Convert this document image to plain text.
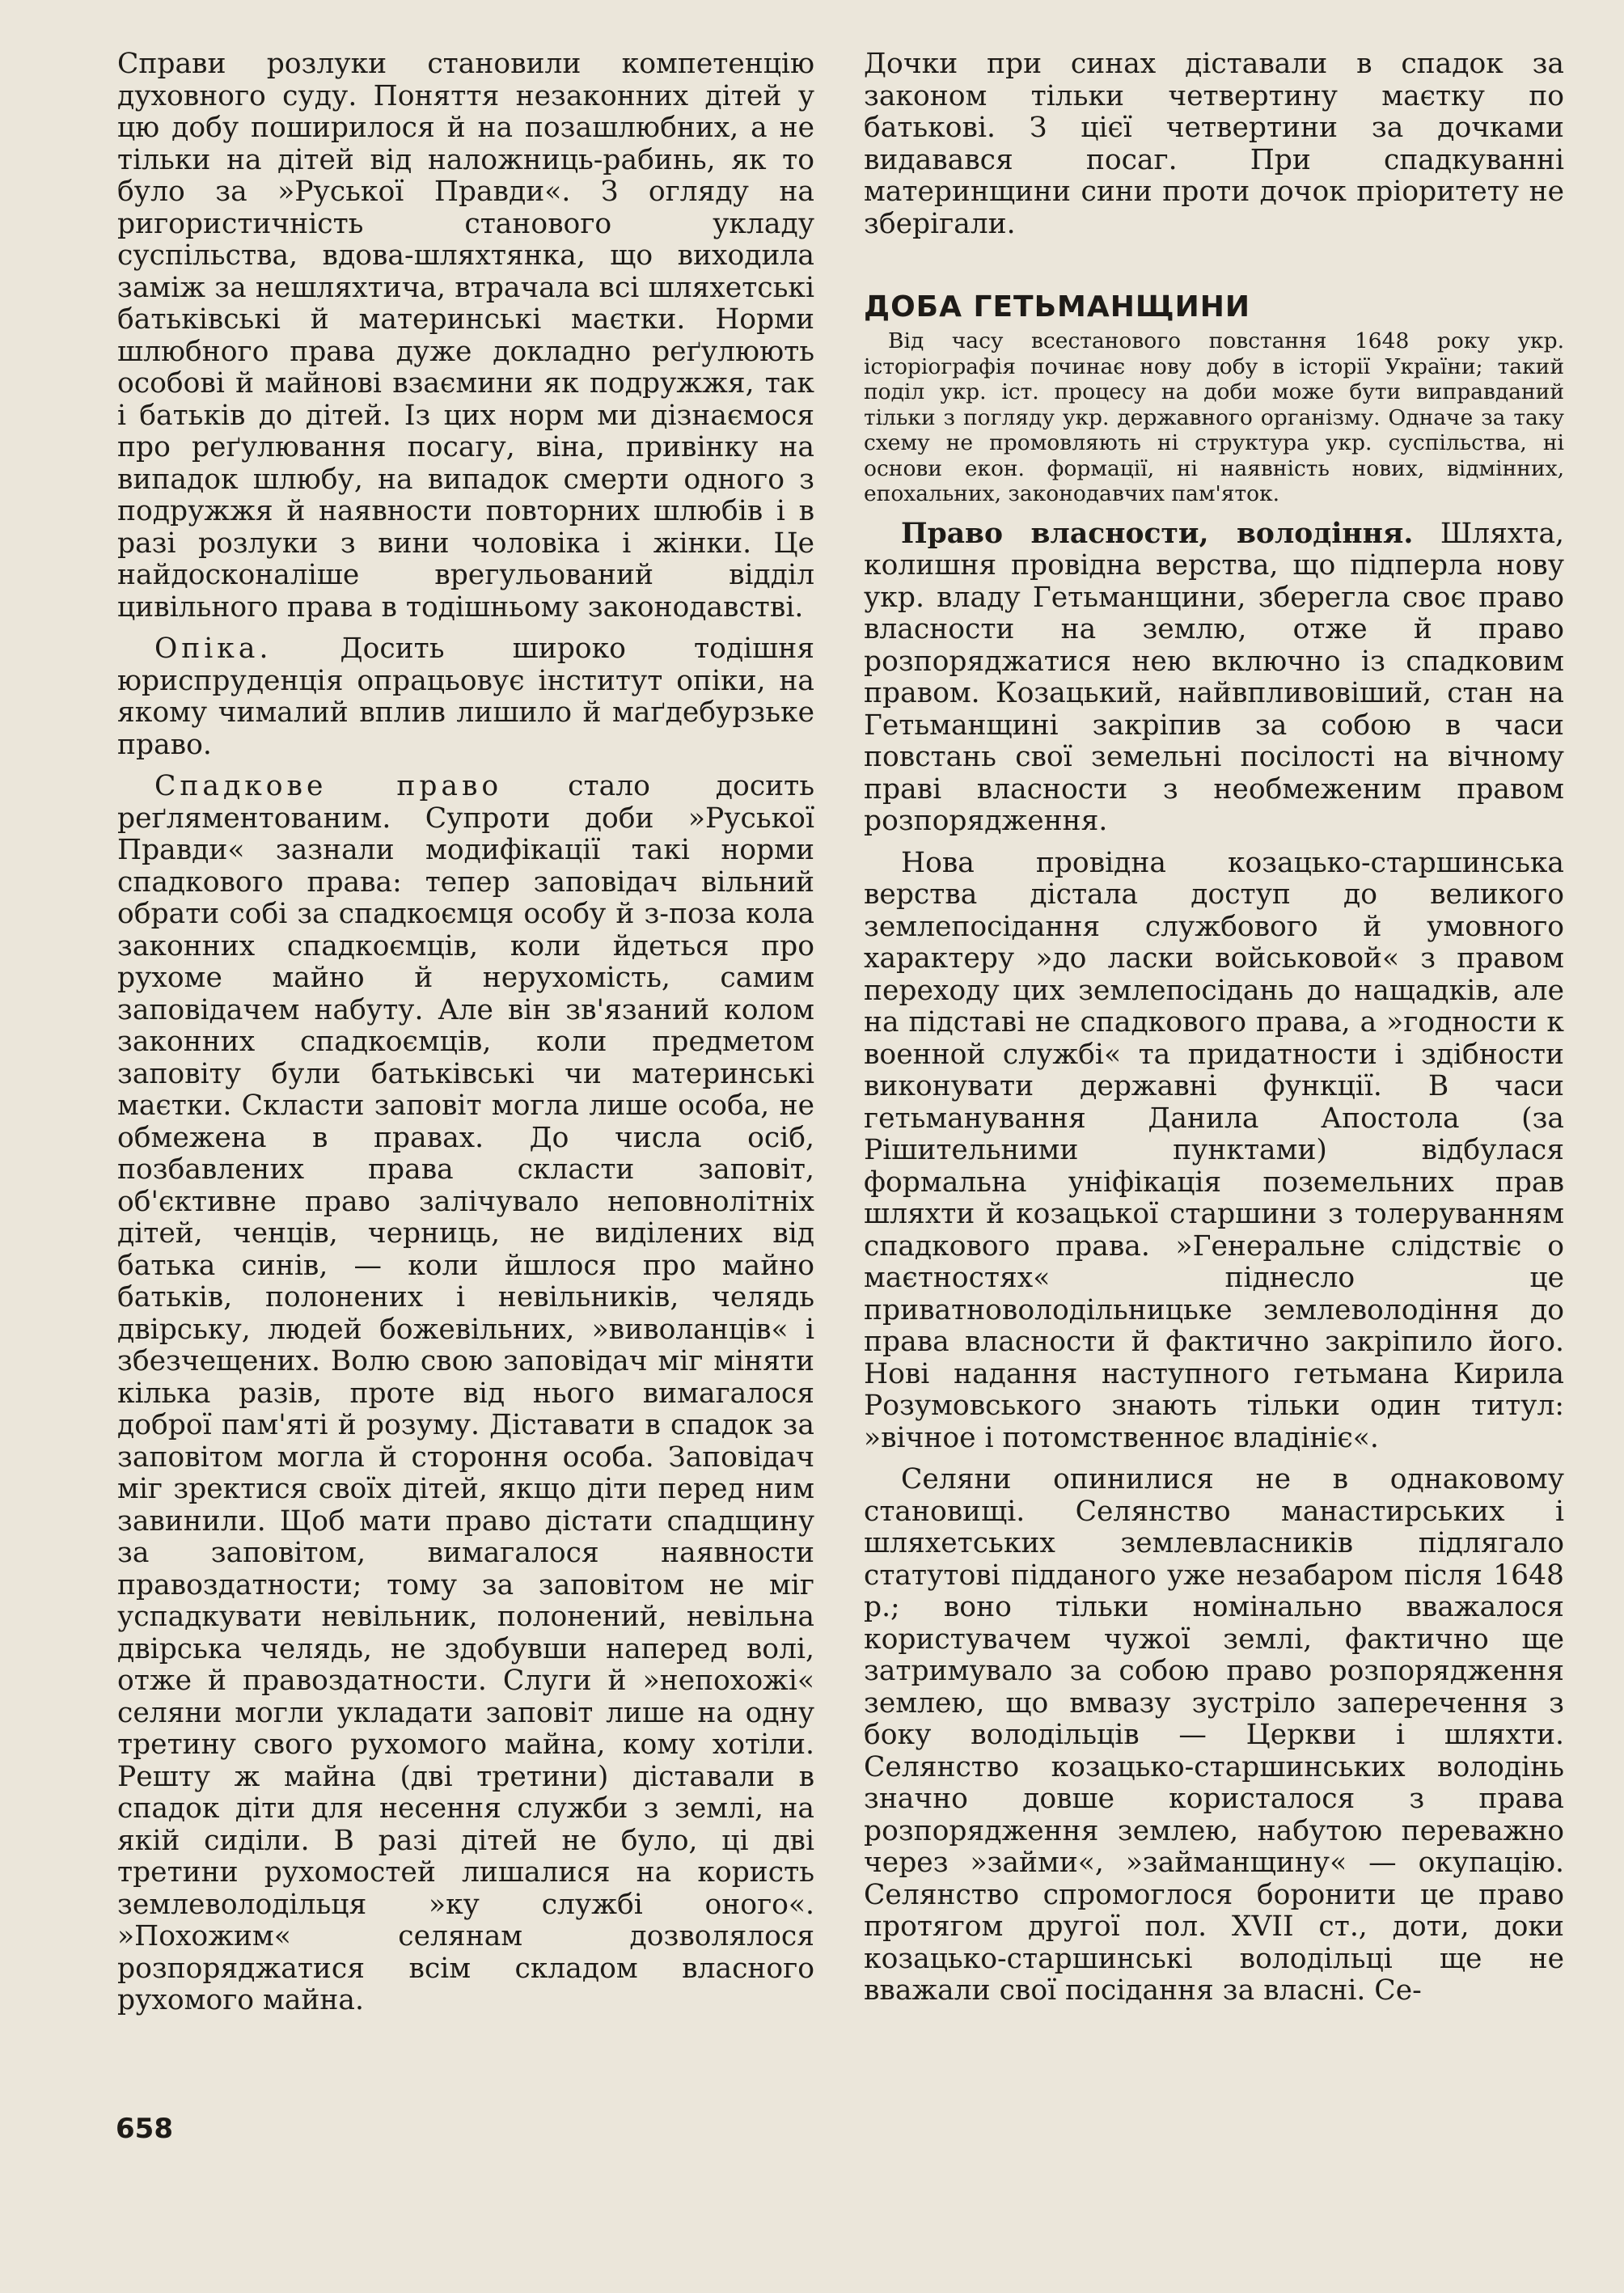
Справи розлуки становили компетенцію духовного суду. Поняття незаконних дітей у цю добу поширилося й на позашлюбних, а не тільки на дітей від наложниць-рабинь, як то було за »Руської Правди«. З огляду на ригористичність станового укладу суспільства, вдова-шляхтянка, що виходила заміж за нешляхтича, втрачала всі шляхетські батьківські й материнські маєтки. Норми шлюбного права дуже докладно реґулюють особові й майнові взаємини як подружжя, так і батьків до дітей. Із цих норм ми дізнаємося про реґулювання посагу, віна, привінку на випадок шлюбу, на випадок смерти одного з подружжя й наявности повторних шлюбів і в разі розлуки з вини чоловіка і жінки. Це найдосконаліше врегульований відділ цивільного права в тодішньому законодавстві.

Опіка. Досить широко тодішня юриспруденція опрацьовує інститут опіки, на якому чималий вплив лишило й маґдебурзьке право.

Спадкове право стало досить реґляментованим. Супроти доби »Руської Правди« зазнали модифікації такі норми спадкового права: тепер заповідач вільний обрати собі за спадкоємця особу й з-поза кола законних спадкоємців, коли йдеться про рухоме майно й нерухомість, самим заповідачем набуту. Але він зв'язаний колом законних спадкоємців, коли предметом заповіту були батьківські чи материнські маєтки. Скласти заповіт могла лише особа, не обмежена в правах. До числа осіб, позбавлених права скласти заповіт, об'єктивне право залічувало неповнолітніх дітей, ченців, черниць, не виділених від батька синів, — коли йшлося про майно батьків, полонених і невільників, челядь двірську, людей божевільних, »виволанців« і збезчещених. Волю свою заповідач міг міняти кілька разів, проте від нього вимагалося доброї пам'яті й розуму. Діставати в спадок за заповітом могла й стороння особа. Заповідач міг зректися своїх дітей, якщо діти перед ним завинили. Щоб мати право дістати спадщину за заповітом, вимагалося наявности правоздатности; тому за заповітом не міг успадкувати невільник, полонений, невільна двірська челядь, не здобувши наперед волі, отже й правоздатности. Слуги й »непохожі« селяни могли укладати заповіт лише на одну третину свого рухомого майна, кому хотіли. Решту ж майна (дві третини) діставали в спадок діти для несення служби з землі, на якій сиділи. В разі дітей не було, ці дві третини рухомостей лишалися на користь землеволодільця »ку службі оного«. »Похожим« селянам дозволялося розпоряджатися всім складом власного рухомого майна.

Дочки при синах діставали в спадок за законом тільки четвертину маєтку по батькові. З цієї четвертини за дочками видавався посаг. При спадкуванні материнщини сини проти дочок пріоритету не зберігали.

ДОБА ГЕТЬМАНЩИНИ

Від часу всестанового повстання 1648 року укр. історіографія починає нову добу в історії України; такий поділ укр. іст. процесу на доби може бути виправданий тільки з погляду укр. державного організму. Одначе за таку схему не промовляють ні структура укр. суспільства, ні основи екон. формації, ні наявність нових, відмінних, епохальних, законодавчих пам'яток.

Право власности, володіння. Шляхта, колишня провідна верства, що підперла нову укр. владу Гетьманщини, зберегла своє право власности на землю, отже й право розпоряджатися нею включно із спадковим правом. Козацький, найвпливовіший, стан на Гетьманщині закріпив за собою в часи повстань свої земельні посілості на вічному праві власности з необмеженим правом розпорядження.

Нова провідна козацько-старшинська верства дістала доступ до великого землепосідання службового й умовного характеру »до ласки войськовой« з правом переходу цих землепосідань до нащадків, але на підставі не спадкового права, а »годности к военной службі« та придатности і здібности виконувати державні функції. В часи гетьманування Данила Апостола (за Рішительними пунктами) відбулася формальна уніфікація поземельних прав шляхти й козацької старшини з толеруванням спадкового права. »Генеральне слідствіє о маєтностях« піднесло це приватноволодільницьке землеволодіння до права власности й фактично закріпило його. Нові надання наступного гетьмана Кирила Розумовського знають тільки один титул: »вічное і потомственноє владініє«.

Селяни опинилися не в однаковому становищі. Селянство манастирських і шляхетських землевласників підлягало статутові підданого уже незабаром після 1648 р.; воно тільки номінально вважалося користувачем чужої землі, фактично ще затримувало за собою право розпорядження землею, що вмвазу зустріло заперечення з боку володільців — Церкви і шляхти. Селянство козацько-старшинських володінь значно довше користалося з права розпорядження землею, набутою переважно через »займи«, »займанщину« — окупацію. Селянство спромоглося боронити це право протягом другої пол. XVII ст., доти, доки козацько-старшинські володільці ще не вважали свої посідання за власні. Се-

658
